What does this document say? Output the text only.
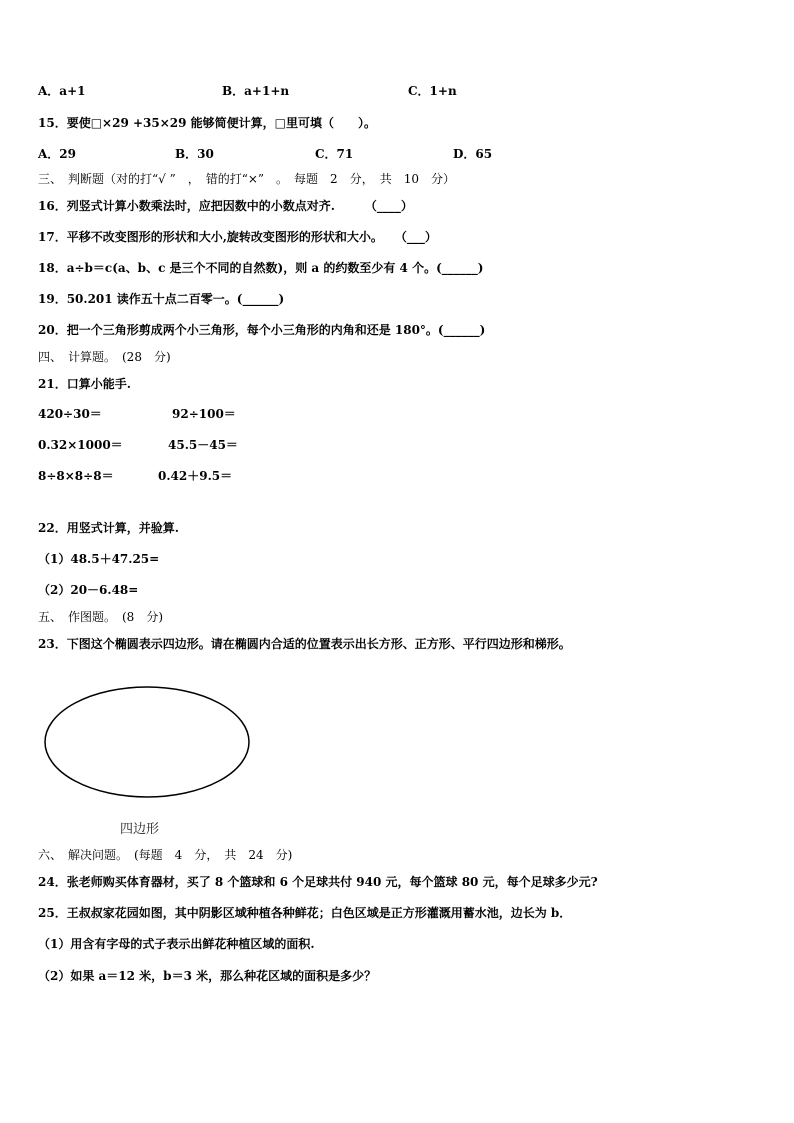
A．a+1	B．a+1+n	C．1+n
15．要使□×29 +35×29 能够简便计算，□里可填（　　）。
A．29	B．30	C．71	D．65
三、　判断题（对的打“√ ”　，　错的打“×”　。　每题　2　分，　共　10　分）
16．列竖式计算小数乘法时，应把因数中的小数点对齐.　　　（____）
17．平移不改变图形的形状和大小,旋转改变图形的形状和大小。　　（___）
18．a÷b＝c(a、b、c 是三个不同的自然数)，则 a 的约数至少有 4 个。(______)
19．50.201 读作五十点二百零一。(______)
20．把一个三角形剪成两个小三角形，每个小三角形的内角和还是 180°。(______)
四、　计算题。　(28　分)
21．口算小能手.
420÷30＝	92÷100＝
0.32×1000＝	45.5－45＝
8÷8×8÷8＝	0.42＋9.5＝
22．用竖式计算，并验算.
（1）48.5＋47.25=
（2）20－6.48=
五、　作图题。　(8　分)
23．下图这个椭圆表示四边形。请在椭圆内合适的位置表示出长方形、正方形、平行四边形和梯形。
四边形
六、　解决问题。　(每题　4　分，　共　24　分)
24．张老师购买体育器材，买了 8 个篮球和 6 个足球共付 940 元，每个篮球 80 元，每个足球多少元?
25．王叔叔家花园如图，其中阴影区域种植各种鲜花；白色区域是正方形灌溉用蓄水池，边长为 b．
（1）用含有字母的式子表示出鲜花种植区域的面积.
（2）如果 a＝12 米，b＝3 米，那么种花区域的面积是多少？
